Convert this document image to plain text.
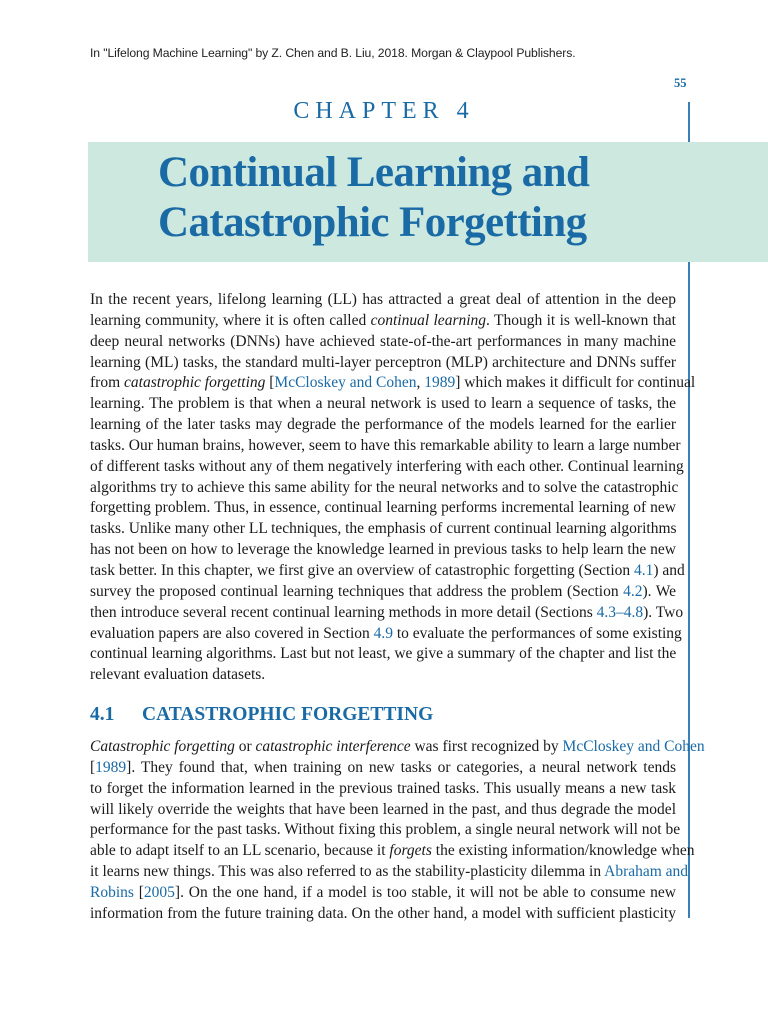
In "Lifelong Machine Learning" by Z. Chen and B. Liu, 2018. Morgan & Claypool Publishers.
55
CHAPTER 4
Continual Learning and
Catastrophic Forgetting
In the recent years, lifelong learning (LL) has attracted a great deal of attention in the deep
learning community, where it is often called continual learning. Though it is well-known that
deep neural networks (DNNs) have achieved state-of-the-art performances in many machine
learning (ML) tasks, the standard multi-layer perceptron (MLP) architecture and DNNs suffer
from catastrophic forgetting [McCloskey and Cohen, 1989] which makes it difficult for continual
learning. The problem is that when a neural network is used to learn a sequence of tasks, the
learning of the later tasks may degrade the performance of the models learned for the earlier
tasks. Our human brains, however, seem to have this remarkable ability to learn a large number
of different tasks without any of them negatively interfering with each other. Continual learning
algorithms try to achieve this same ability for the neural networks and to solve the catastrophic
forgetting problem. Thus, in essence, continual learning performs incremental learning of new
tasks. Unlike many other LL techniques, the emphasis of current continual learning algorithms
has not been on how to leverage the knowledge learned in previous tasks to help learn the new
task better. In this chapter, we first give an overview of catastrophic forgetting (Section 4.1) and
survey the proposed continual learning techniques that address the problem (Section 4.2). We
then introduce several recent continual learning methods in more detail (Sections 4.3–4.8). Two
evaluation papers are also covered in Section 4.9 to evaluate the performances of some existing
continual learning algorithms. Last but not least, we give a summary of the chapter and list the
relevant evaluation datasets.
4.1 CATASTROPHIC FORGETTING
Catastrophic forgetting or catastrophic interference was first recognized by McCloskey and Cohen
[1989]. They found that, when training on new tasks or categories, a neural network tends
to forget the information learned in the previous trained tasks. This usually means a new task
will likely override the weights that have been learned in the past, and thus degrade the model
performance for the past tasks. Without fixing this problem, a single neural network will not be
able to adapt itself to an LL scenario, because it forgets the existing information/knowledge when
it learns new things. This was also referred to as the stability-plasticity dilemma in Abraham and
Robins [2005]. On the one hand, if a model is too stable, it will not be able to consume new
information from the future training data. On the other hand, a model with sufficient plasticity
